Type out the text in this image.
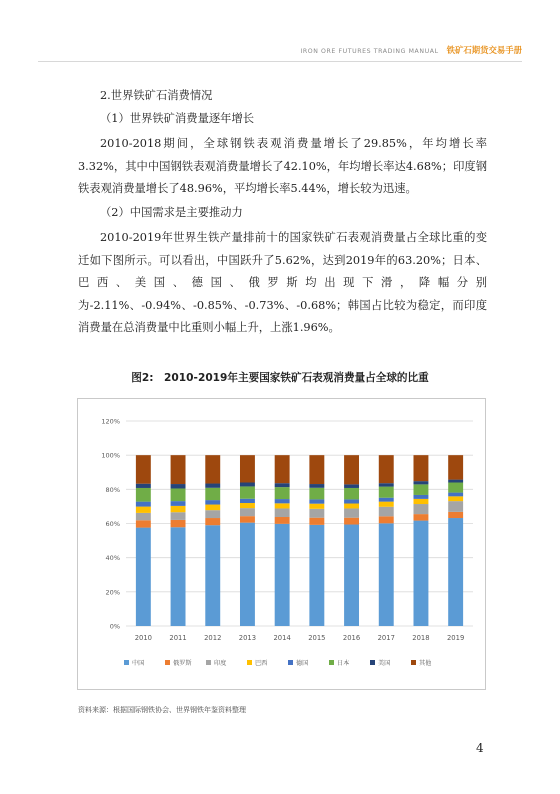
IRON ORE FUTURES TRADING MANUAL 铁矿石期货交易手册
2.世界铁矿石消费情况
（1）世界铁矿消费量逐年增长

2010-2018期间，全球钢铁表观消费量增长了29.85%，年均增长率3.32%，其中中国钢铁表观消费量增长了42.10%，年均增长率达4.68%；印度钢铁表观消费量增长了48.96%，平均增长率5.44%，增长较为迅速。

（2）中国需求是主要推动力

2010-2019年世界生铁产量排前十的国家铁矿石表观消费量占全球比重的变迁如下图所示。可以看出，中国跃升了5.62%，达到2019年的63.20%；日本、巴西、美国、德国、俄罗斯均出现下滑，降幅分别为-2.11%、-0.94%、-0.85%、-0.73%、-0.68%；韩国占比较为稳定，而印度消费量在总消费量中比重则小幅上升，上涨1.96%。

图2:　2010-2019年主要国家铁矿石表观消费量占全球的比重
0%
20%
40%
60%
80%
100%
120%
2010	2011	2012	2013	2014	2015	2016	2017	2018	2019
中国	俄罗斯	印度	巴西	德国	日本	美国	其他
资料来源：根据国际钢铁协会、世界钢铁年鉴资料整理
4
